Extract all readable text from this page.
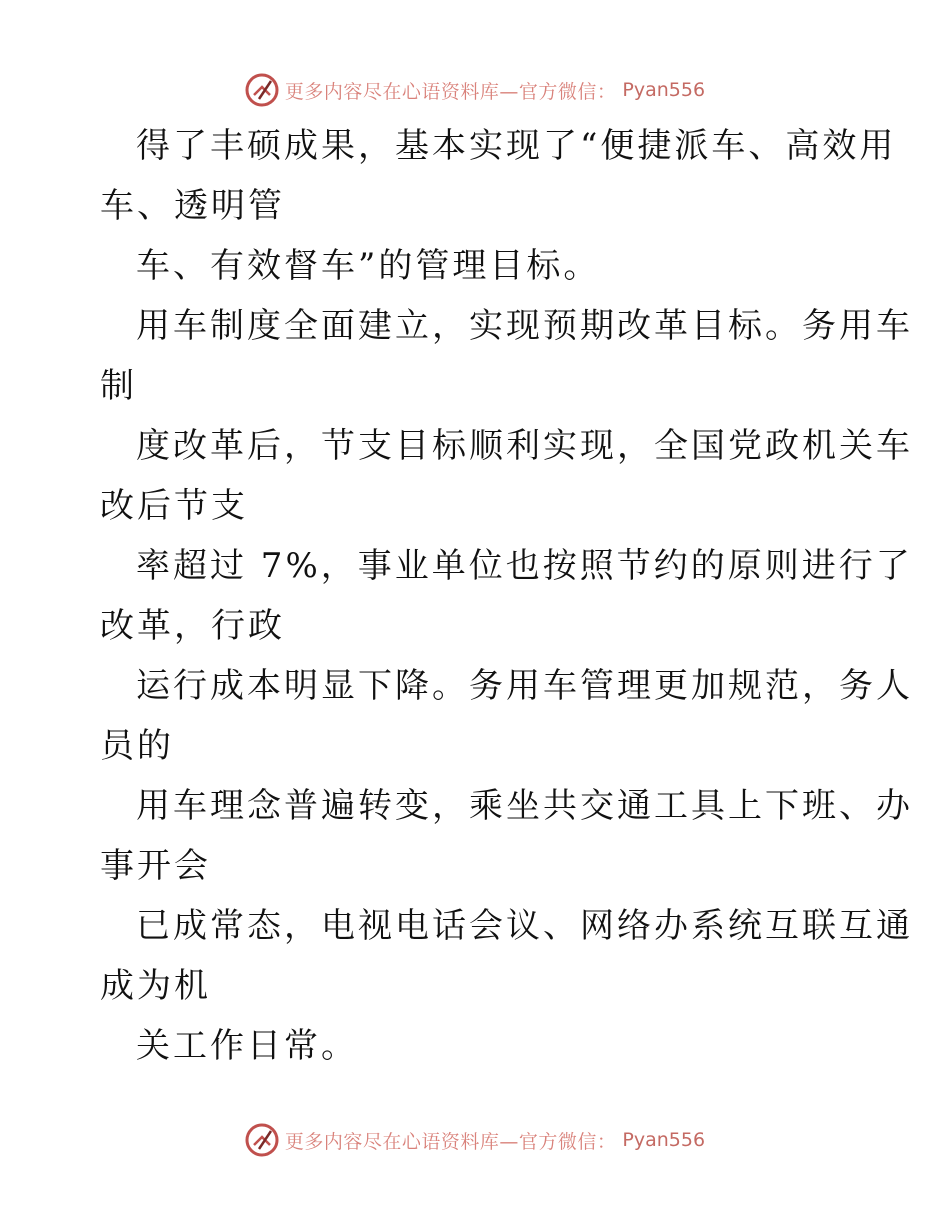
更多内容尽在心语资料库—官方微信： Pyan556
得了丰硕成果，基本实现了“便捷派车、高效用
车、透明管
车、有效督车”的管理目标。
用车制度全面建立，实现预期改革目标。务用车
制
度改革后，节支目标顺利实现，全国党政机关车
改后节支
率超过 7%，事业单位也按照节约的原则进行了
改革，行政
运行成本明显下降。务用车管理更加规范，务人
员的
用车理念普遍转变，乘坐共交通工具上下班、办
事开会
已成常态，电视电话会议、网络办系统互联互通
成为机
关工作日常。
更多内容尽在心语资料库—官方微信： Pyan556
